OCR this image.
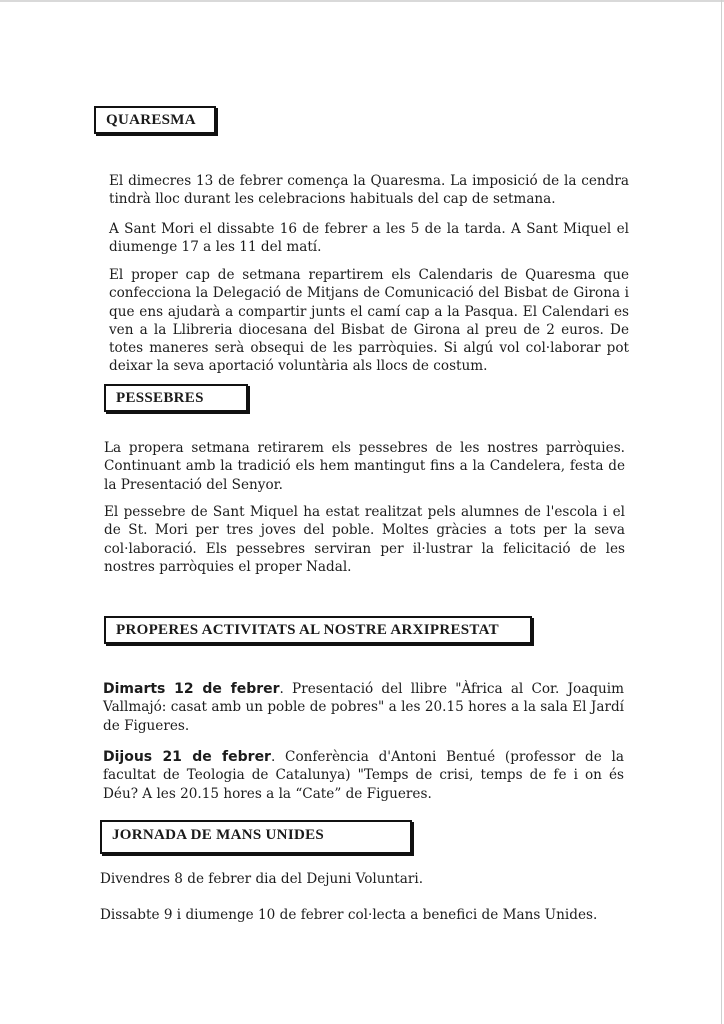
QUARESMA

El dimecres 13 de febrer comença la Quaresma. La imposició de la cendra tindrà lloc durant les celebracions habituals del cap de setmana.

A Sant Mori el dissabte 16 de febrer a les 5 de la tarda. A Sant Miquel el diumenge 17 a les 11 del matí.

El proper cap de setmana repartirem els Calendaris de Quaresma que confecciona la Delegació de Mitjans de Comunicació del Bisbat de Girona i que ens ajudarà a compartir junts el camí cap a la Pasqua. El Calendari es ven a la Llibreria diocesana del Bisbat de Girona al preu de 2 euros. De totes maneres serà obsequi de les parròquies. Si algú vol col·laborar pot deixar la seva aportació voluntària als llocs de costum.

PESSEBRES

La propera setmana retirarem els pessebres de les nostres parròquies. Continuant amb la tradició els hem mantingut fins a la Candelera, festa de la Presentació del Senyor.

El pessebre de Sant Miquel ha estat realitzat pels alumnes de l'escola i el de St. Mori per tres joves del poble. Moltes gràcies a tots per la seva col·laboració. Els pessebres serviran per il·lustrar la felicitació de les nostres parròquies el proper Nadal.

PROPERES ACTIVITATS AL NOSTRE ARXIPRESTAT

Dimarts 12 de febrer. Presentació del llibre "Àfrica al Cor. Joaquim Vallmajó: casat amb un poble de pobres" a les 20.15 hores a la sala El Jardí de Figueres.

Dijous 21 de febrer. Conferència d'Antoni Bentué (professor de la facultat de Teologia de Catalunya) "Temps de crisi, temps de fe i on és Déu? A les 20.15 hores a la “Cate” de Figueres.

JORNADA DE MANS UNIDES

Divendres 8 de febrer dia del Dejuni Voluntari.

Dissabte 9 i diumenge 10 de febrer col·lecta a benefici de Mans Unides.
